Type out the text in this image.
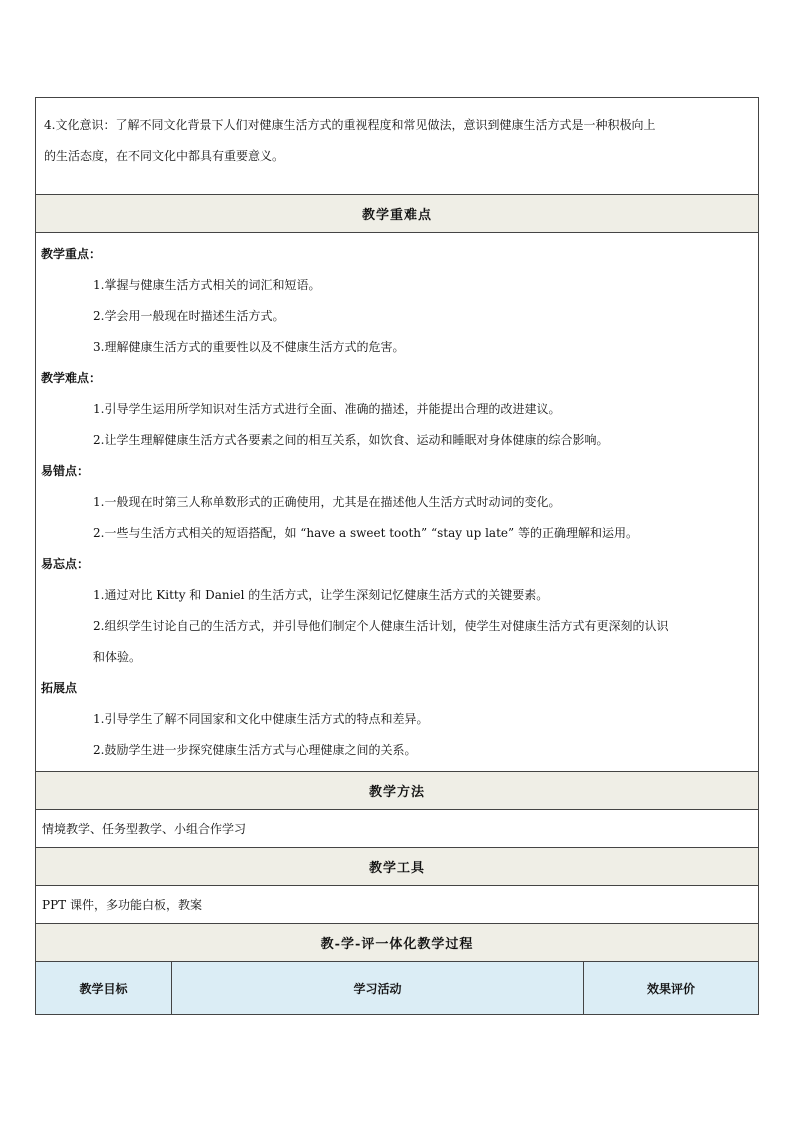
4.文化意识：了解不同文化背景下人们对健康生活方式的重视程度和常见做法，意识到健康生活方式是一种积极向上

的生活态度，在不同文化中都具有重要意义。

教学重难点

教学重点：

1.掌握与健康生活方式相关的词汇和短语。

2.学会用一般现在时描述生活方式。

3.理解健康生活方式的重要性以及不健康生活方式的危害。

教学难点：

1.引导学生运用所学知识对生活方式进行全面、准确的描述，并能提出合理的改进建议。

2.让学生理解健康生活方式各要素之间的相互关系，如饮食、运动和睡眠对身体健康的综合影响。

易错点：

1.一般现在时第三人称单数形式的正确使用，尤其是在描述他人生活方式时动词的变化。

2.一些与生活方式相关的短语搭配，如 “have a sweet tooth” “stay up late” 等的正确理解和运用。

易忘点：

1.通过对比 Kitty 和 Daniel 的生活方式，让学生深刻记忆健康生活方式的关键要素。

2.组织学生讨论自己的生活方式，并引导他们制定个人健康生活计划，使学生对健康生活方式有更深刻的认识

和体验。

拓展点

1.引导学生了解不同国家和文化中健康生活方式的特点和差异。

2.鼓励学生进一步探究健康生活方式与心理健康之间的关系。

教学方法
情境教学、任务型教学、小组合作学习
教学工具
PPT 课件，多功能白板，教案
教-学-评一体化教学过程
教学目标	学习活动	效果评价
